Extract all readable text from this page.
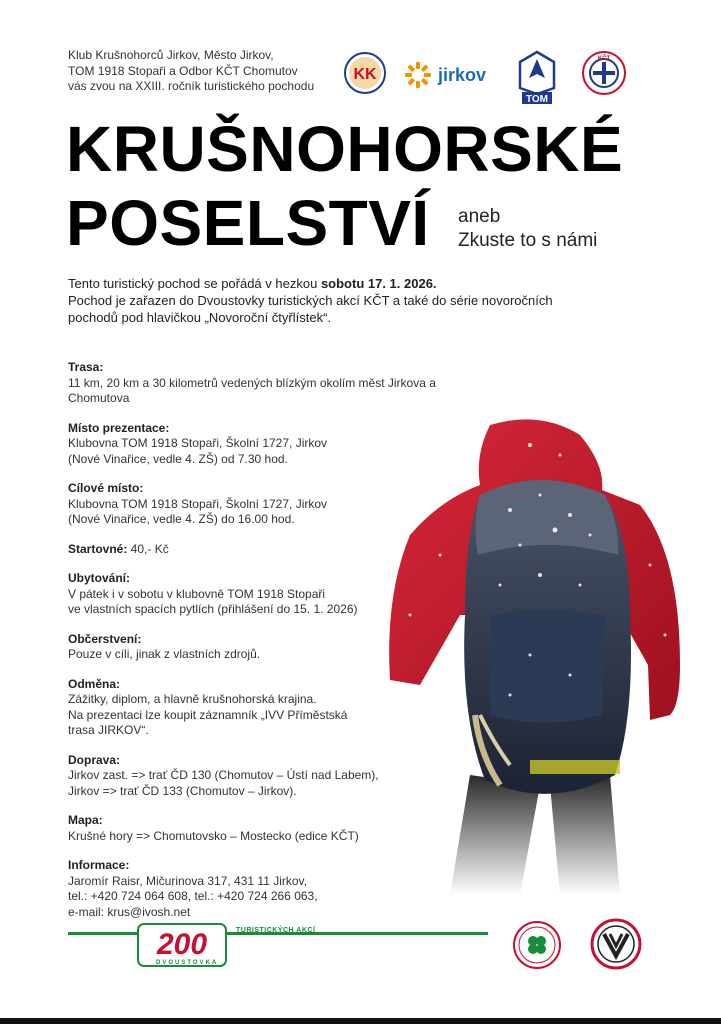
Klub Krušnohorců Jirkov, Město Jirkov,
TOM 1918 Stopaři a Odbor KČT Chomutov
vás zvou na XXIII. ročník turistického pochodu
KK	jirkov
TOM
KČT
KRUŠNOHORSKÉ
POSELSTVÍ aneb
Zkuste to s námi
Tento turistický pochod se pořádá v hezkou sobotu 17. 1. 2026.
Pochod je zařazen do Dvoustovky turistických akcí KČT a také do série novoročních
pochodů pod hlavičkou „Novoroční čtyřlístek“.
Trasa:
11 km, 20 km a 30 kilometrů vedených blízkým okolím měst Jirkova a Chomutova
Místo prezentace:
Klubovna TOM 1918 Stopaři, Školní 1727, Jirkov
(Nové Vinařice, vedle 4. ZŠ) od 7.30 hod.
Cílové místo:
Klubovna TOM 1918 Stopaři, Školní 1727, Jirkov
(Nové Vinařice, vedle 4. ZŠ) do 16.00 hod.
Startovné: 40,- Kč
Ubytování:
V pátek i v sobotu v klubovně TOM 1918 Stopaři
ve vlastních spacích pytlích (přihlášení do 15. 1. 2026)
Občerstvení:
Pouze v cíli, jinak z vlastních zdrojů.
Odměna:
Zážitky, diplom, a hlavně krušnohorská krajina.
Na prezentaci lze koupit záznamník „IVV Příměstská
trasa JIRKOV“.
Doprava:
Jirkov zast. => trať ČD 130 (Chomutov – Ústí nad Labem),
Jirkov => trať ČD 133 (Chomutov – Jirkov).
Mapa:
Krušné hory => Chomutovsko – Mostecko (edice KČT)
Informace:
Jaromír Raisr, Mičurinova 317, 431 11 Jirkov,
tel.: +420 724 064 608, tel.: +420 724 266 063,
e-mail: krus@ivosh.net
200	TURISTICKÝCH AKCÍ
DVOUSTOVKA
